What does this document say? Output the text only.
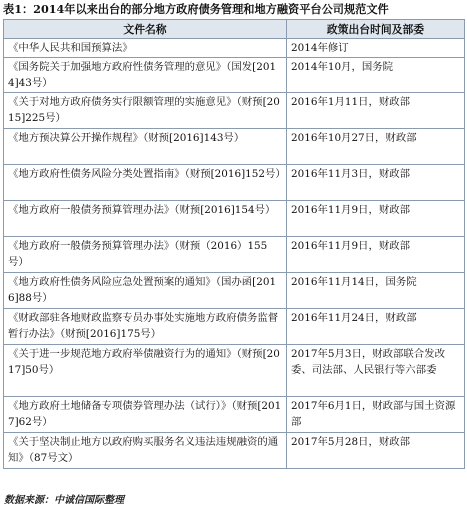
表1：2014年以来出台的部分地方政府债务管理和地方融资平台公司规范文件
文件名称	政策出台时间及部委
《中华人民共和国预算法》	2014年修订
《国务院关于加强地方政府性债务管理的意见》（国发[2014]43号）	2014年10月，国务院
《关于对地方政府债务实行限额管理的实施意见》（财预[2015]225号）	2016年1月11日，财政部
《地方预决算公开操作规程》（财预[2016]143号）	2016年10月27日，财政部
《地方政府性债务风险分类处置指南》（财预[2016]152号）	2016年11月3日，财政部
《地方政府一般债务预算管理办法》（财预[2016]154号）	2016年11月9日，财政部
《地方政府一般债务预算管理办法》（财预（2016）155号）	2016年11月9日，财政部
《地方政府性债务风险应急处置预案的通知》（国办函[2016]88号）	2016年11月14日，国务院
《财政部驻各地财政监察专员办事处实施地方政府债务监督暂行办法》（财预[2016]175号）	2016年11月24日，财政部
《关于进一步规范地方政府举债融资行为的通知》（财预[2017]50号）	2017年5月3日，财政部联合发改委、司法部、人民银行等六部委
《地方政府土地储备专项债券管理办法（试行）》（财预[2017]62号）	2017年6月1日，财政部与国土资源部
《关于坚决制止地方以政府购买服务名义违法违规融资的通知》（87号文）	2017年5月28日，财政部
数据来源：中诚信国际整理
